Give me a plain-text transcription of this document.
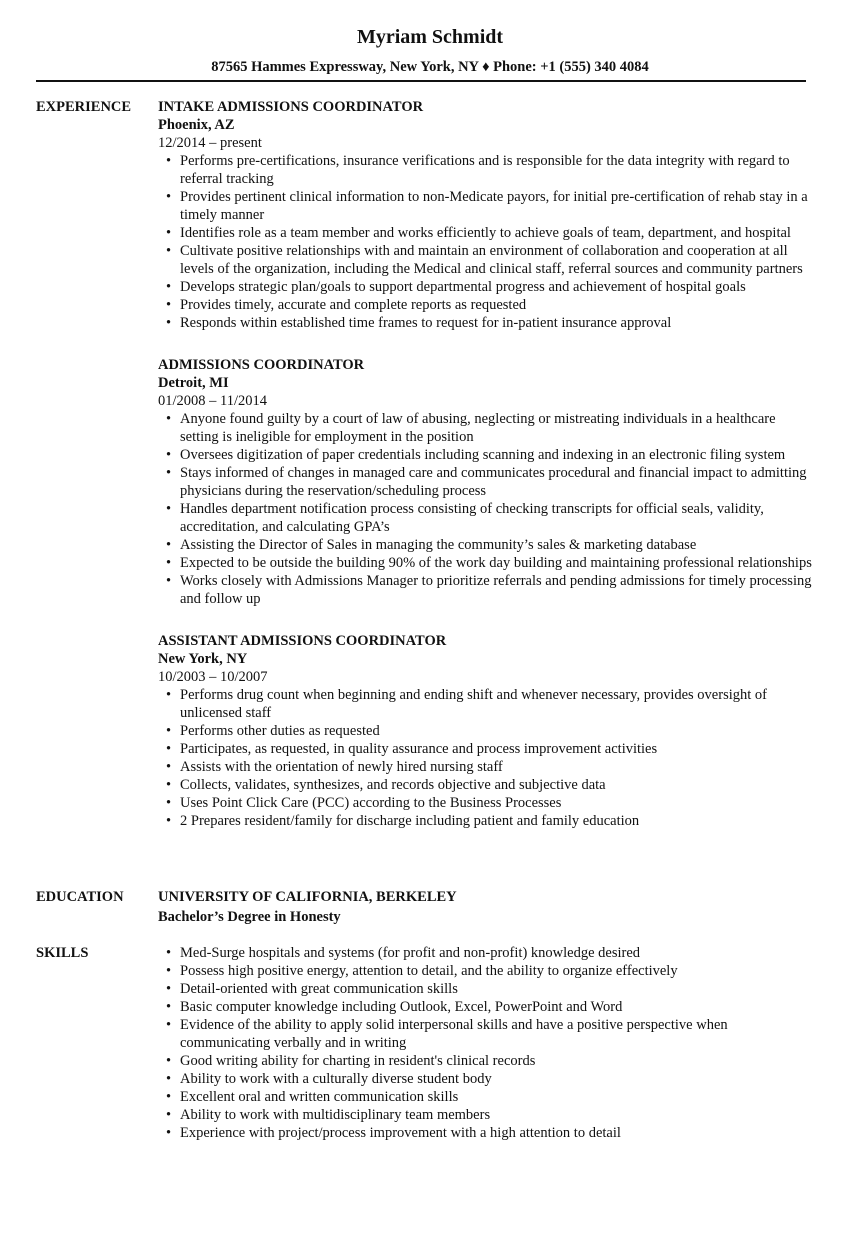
Myriam Schmidt
87565 Hammes Expressway, New York, NY ♦ Phone: +1 (555) 340 4084
EXPERIENCE	INTAKE ADMISSIONS COORDINATOR
Phoenix, AZ
12/2014 – present
• Performs pre-certifications, insurance verifications and is responsible for the data integrity with regard to referral tracking
• Provides pertinent clinical information to non-Medicate payors, for initial pre-certification of rehab stay in a timely manner
• Identifies role as a team member and works efficiently to achieve goals of team, department, and hospital
• Cultivate positive relationships with and maintain an environment of collaboration and cooperation at all levels of the organization, including the Medical and clinical staff, referral sources and community partners
• Develops strategic plan/goals to support departmental progress and achievement of hospital goals
• Provides timely, accurate and complete reports as requested
• Responds within established time frames to request for in-patient insurance approval
ADMISSIONS COORDINATOR
Detroit, MI
01/2008 – 11/2014
• Anyone found guilty by a court of law of abusing, neglecting or mistreating individuals in a healthcare setting is ineligible for employment in the position
• Oversees digitization of paper credentials including scanning and indexing in an electronic filing system
• Stays informed of changes in managed care and communicates procedural and financial impact to admitting physicians during the reservation/scheduling process
• Handles department notification process consisting of checking transcripts for official seals, validity, accreditation, and calculating GPA’s
• Assisting the Director of Sales in managing the community’s sales & marketing database
• Expected to be outside the building 90% of the work day building and maintaining professional relationships
• Works closely with Admissions Manager to prioritize referrals and pending admissions for timely processing and follow up
ASSISTANT ADMISSIONS COORDINATOR
New York, NY
10/2003 – 10/2007
• Performs drug count when beginning and ending shift and whenever necessary, provides oversight of unlicensed staff
• Performs other duties as requested
• Participates, as requested, in quality assurance and process improvement activities
• Assists with the orientation of newly hired nursing staff
• Collects, validates, synthesizes, and records objective and subjective data
• Uses Point Click Care (PCC) according to the Business Processes
• 2 Prepares resident/family for discharge including patient and family education
EDUCATION	UNIVERSITY OF CALIFORNIA, BERKELEY
Bachelor’s Degree in Honesty
SKILLS	• Med-Surge hospitals and systems (for profit and non-profit) knowledge desired
• Possess high positive energy, attention to detail, and the ability to organize effectively
• Detail-oriented with great communication skills
• Basic computer knowledge including Outlook, Excel, PowerPoint and Word
• Evidence of the ability to apply solid interpersonal skills and have a positive perspective when communicating verbally and in writing
• Good writing ability for charting in resident's clinical records
• Ability to work with a culturally diverse student body
• Excellent oral and written communication skills
• Ability to work with multidisciplinary team members
• Experience with project/process improvement with a high attention to detail
